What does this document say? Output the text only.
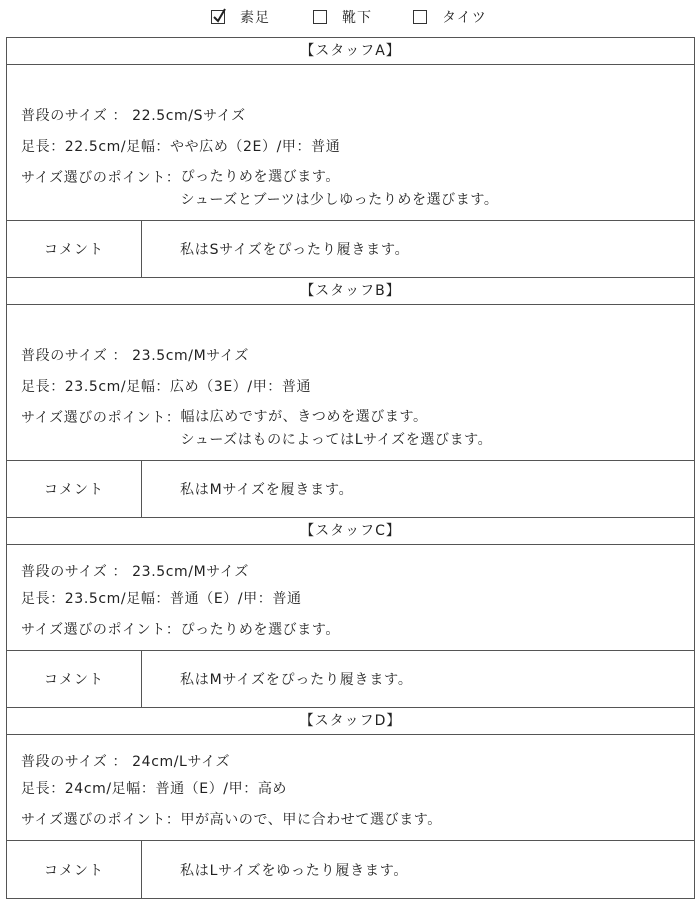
素足	靴下	タイツ
【スタッフA】
普段のサイズ ： 22.5cm/Sサイズ
足長：22.5cm/足幅：やや広め（2E）/甲：普通
サイズ選びのポイント： ぴったりめを選びます。
シューズとブーツは少しゆったりめを選びます。
コメント	私はSサイズをぴったり履きます。
【スタッフB】
普段のサイズ ： 23.5cm/Mサイズ
足長：23.5cm/足幅：広め（3E）/甲：普通
サイズ選びのポイント： 幅は広めですが、きつめを選びます。
シューズはものによってはLサイズを選びます。
コメント	私はMサイズを履きます。
【スタッフC】
普段のサイズ ： 23.5cm/Mサイズ
足長：23.5cm/足幅：普通（E）/甲：普通
サイズ選びのポイント： ぴったりめを選びます。
コメント	私はMサイズをぴったり履きます。
【スタッフD】
普段のサイズ ： 24cm/Lサイズ
足長：24cm/足幅：普通（E）/甲：高め
サイズ選びのポイント： 甲が高いので、甲に合わせて選びます。
コメント	私はLサイズをゆったり履きます。
